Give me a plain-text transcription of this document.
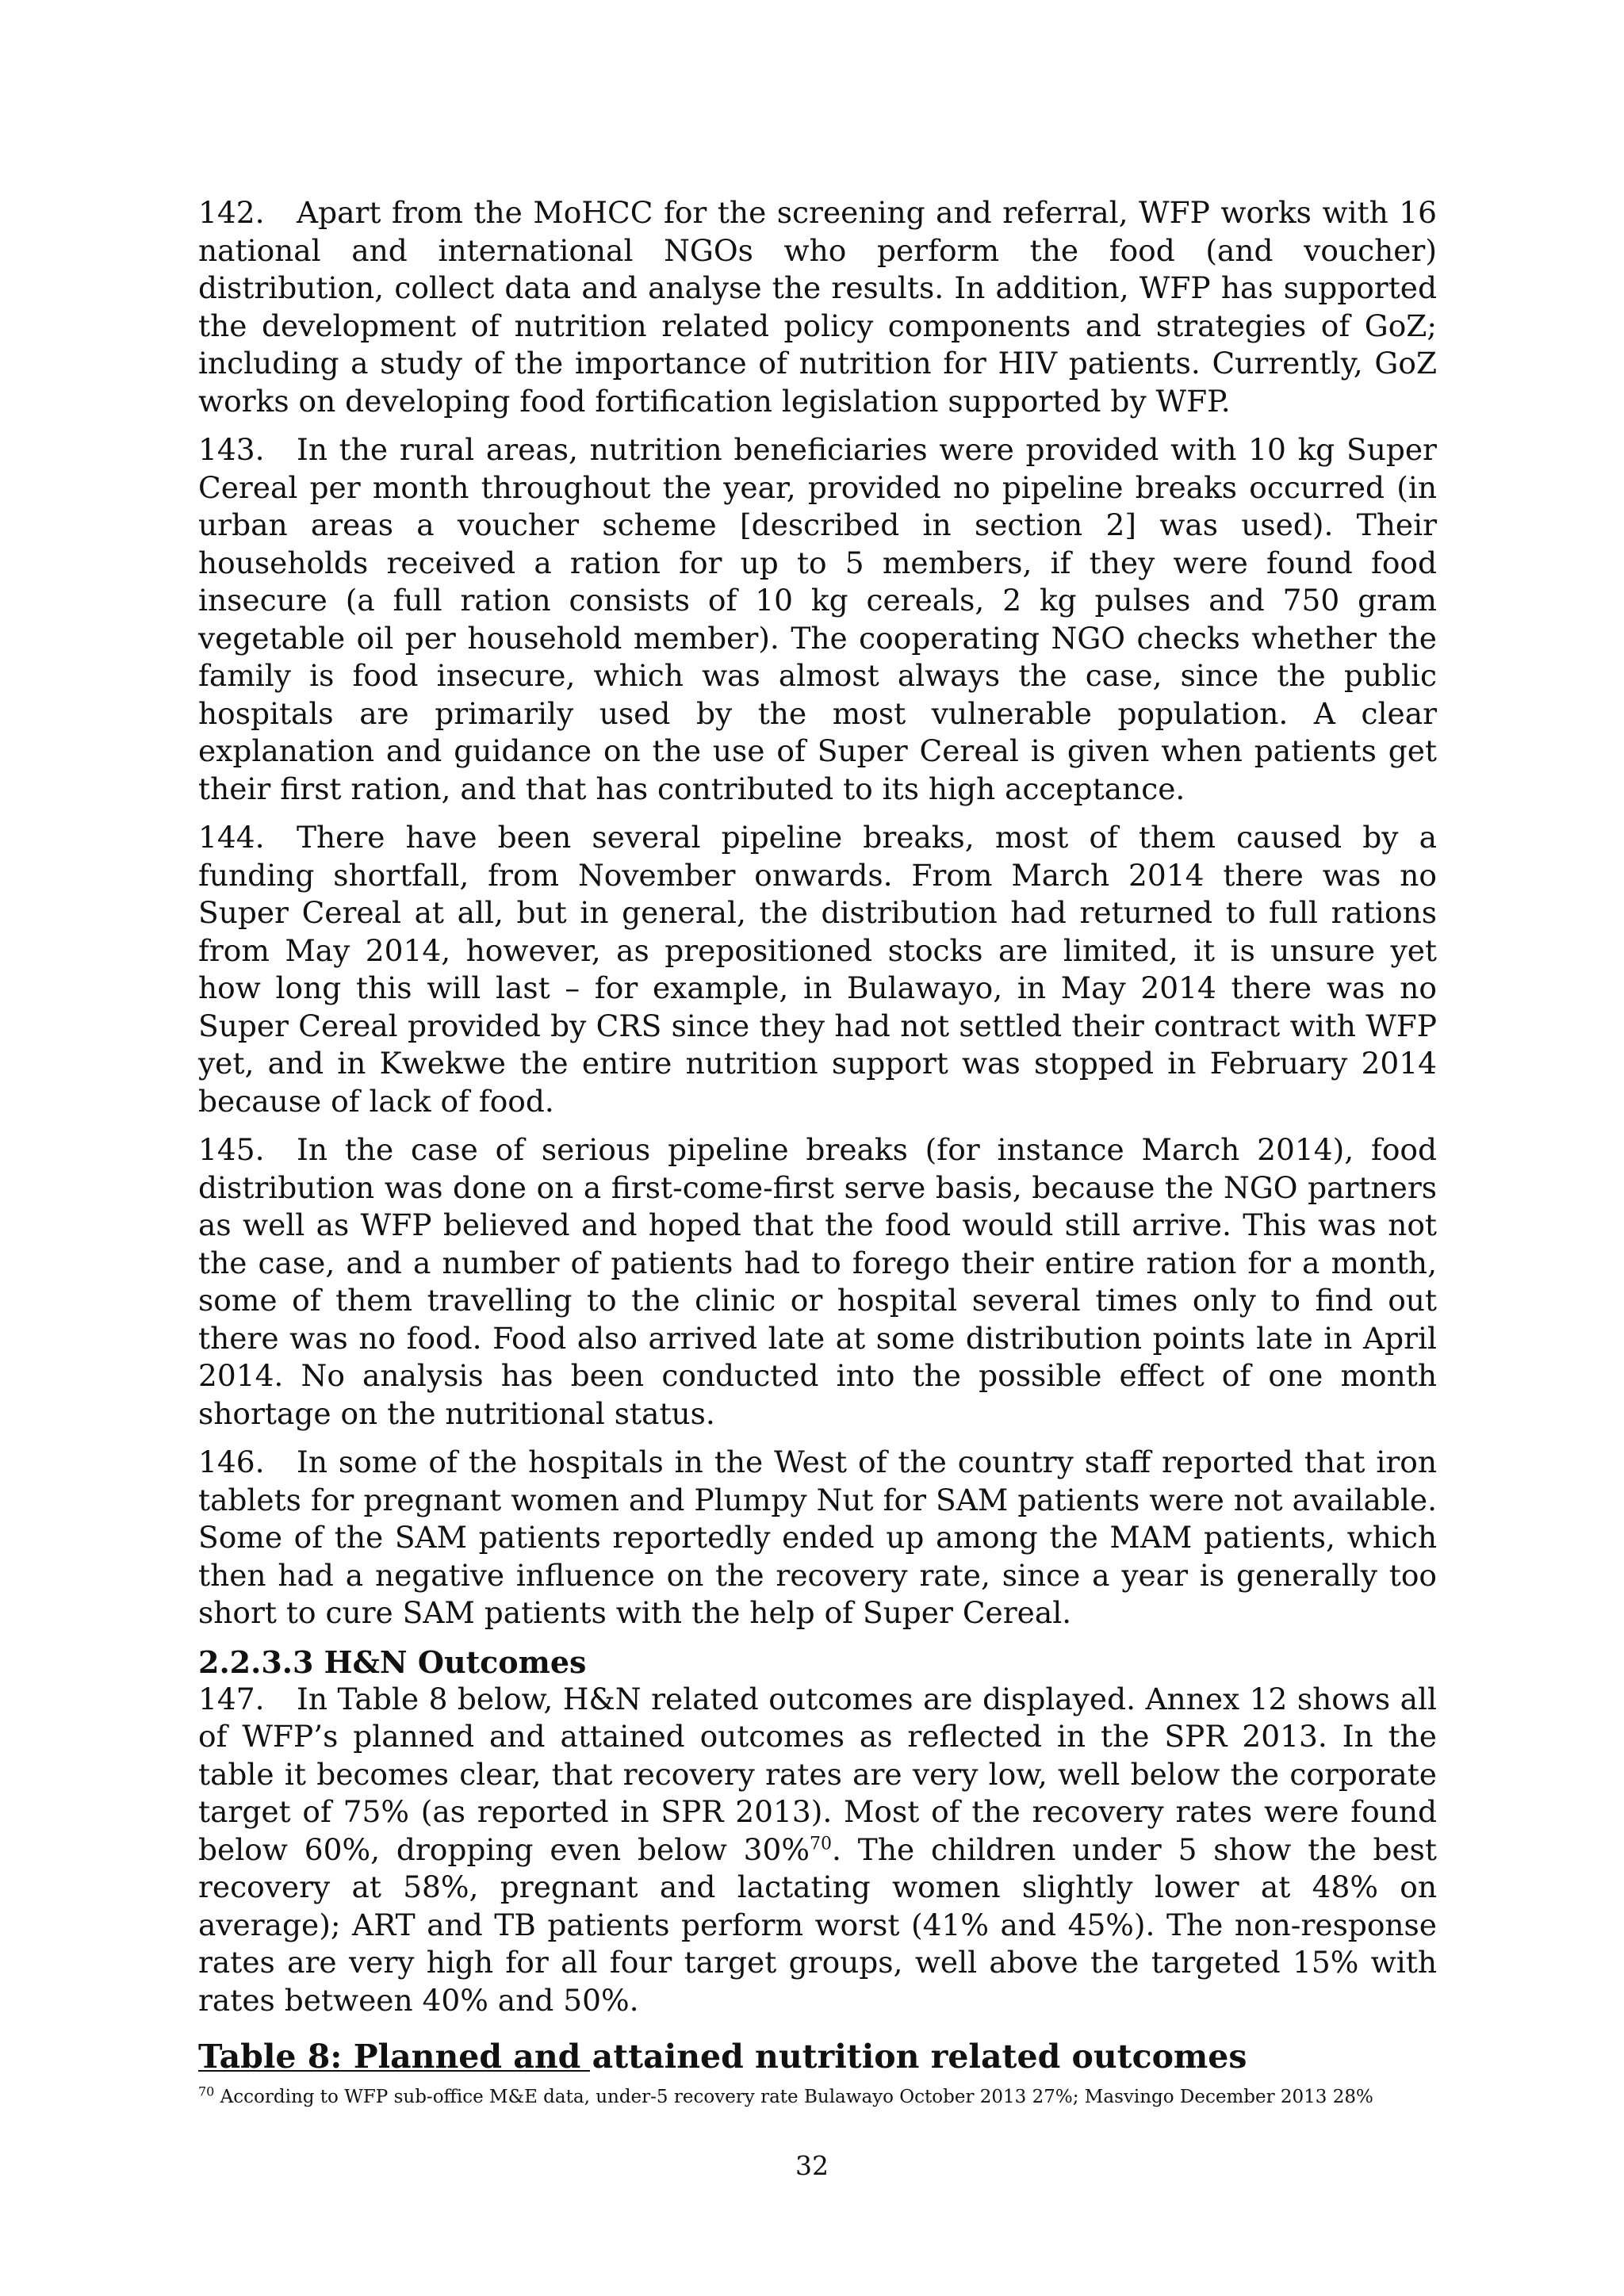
142. Apart from the MoHCC for the screening and referral, WFP works with 16 national and international NGOs who perform the food (and voucher) distribution, collect data and analyse the results. In addition, WFP has supported the development of nutrition related policy components and strategies of GoZ; including a study of the importance of nutrition for HIV patients. Currently, GoZ works on developing food fortification legislation supported by WFP.

143. In the rural areas, nutrition beneficiaries were provided with 10 kg Super Cereal per month throughout the year, provided no pipeline breaks occurred (in urban areas a voucher scheme [described in section 2] was used). Their households received a ration for up to 5 members, if they were found food insecure (a full ration consists of 10 kg cereals, 2 kg pulses and 750 gram vegetable oil per household member). The cooperating NGO checks whether the family is food insecure, which was almost always the case, since the public hospitals are primarily used by the most vulnerable population. A clear explanation and guidance on the use of Super Cereal is given when patients get their first ration, and that has contributed to its high acceptance.

144. There have been several pipeline breaks, most of them caused by a funding shortfall, from November onwards. From March 2014 there was no Super Cereal at all, but in general, the distribution had returned to full rations from May 2014, however, as prepositioned stocks are limited, it is unsure yet how long this will last – for example, in Bulawayo, in May 2014 there was no Super Cereal provided by CRS since they had not settled their contract with WFP yet, and in Kwekwe the entire nutrition support was stopped in February 2014 because of lack of food.

145. In the case of serious pipeline breaks (for instance March 2014), food distribution was done on a first-come-first serve basis, because the NGO partners as well as WFP believed and hoped that the food would still arrive. This was not the case, and a number of patients had to forego their entire ration for a month, some of them travelling to the clinic or hospital several times only to find out there was no food. Food also arrived late at some distribution points late in April 2014. No analysis has been conducted into the possible effect of one month shortage on the nutritional status.

146. In some of the hospitals in the West of the country staff reported that iron tablets for pregnant women and Plumpy Nut for SAM patients were not available. Some of the SAM patients reportedly ended up among the MAM patients, which then had a negative influence on the recovery rate, since a year is generally too short to cure SAM patients with the help of Super Cereal.

2.2.3.3 H&N Outcomes

147. In Table 8 below, H&N related outcomes are displayed. Annex 12 shows all of WFP’s planned and attained outcomes as reflected in the SPR 2013. In the table it becomes clear, that recovery rates are very low, well below the corporate target of 75% (as reported in SPR 2013). Most of the recovery rates were found below 60%, dropping even below 30%$^{70}$. The children under 5 show the best recovery at 58%, pregnant and lactating women slightly lower at 48% on average); ART and TB patients perform worst (41% and 45%). The non-response rates are very high for all four target groups, well above the targeted 15% with rates between 40% and 50%.

Table 8: Planned and attained nutrition related outcomes
$^{70}$ According to WFP sub-office M&E data, under-5 recovery rate Bulawayo October 2013 27%; Masvingo December 2013 28%
32
